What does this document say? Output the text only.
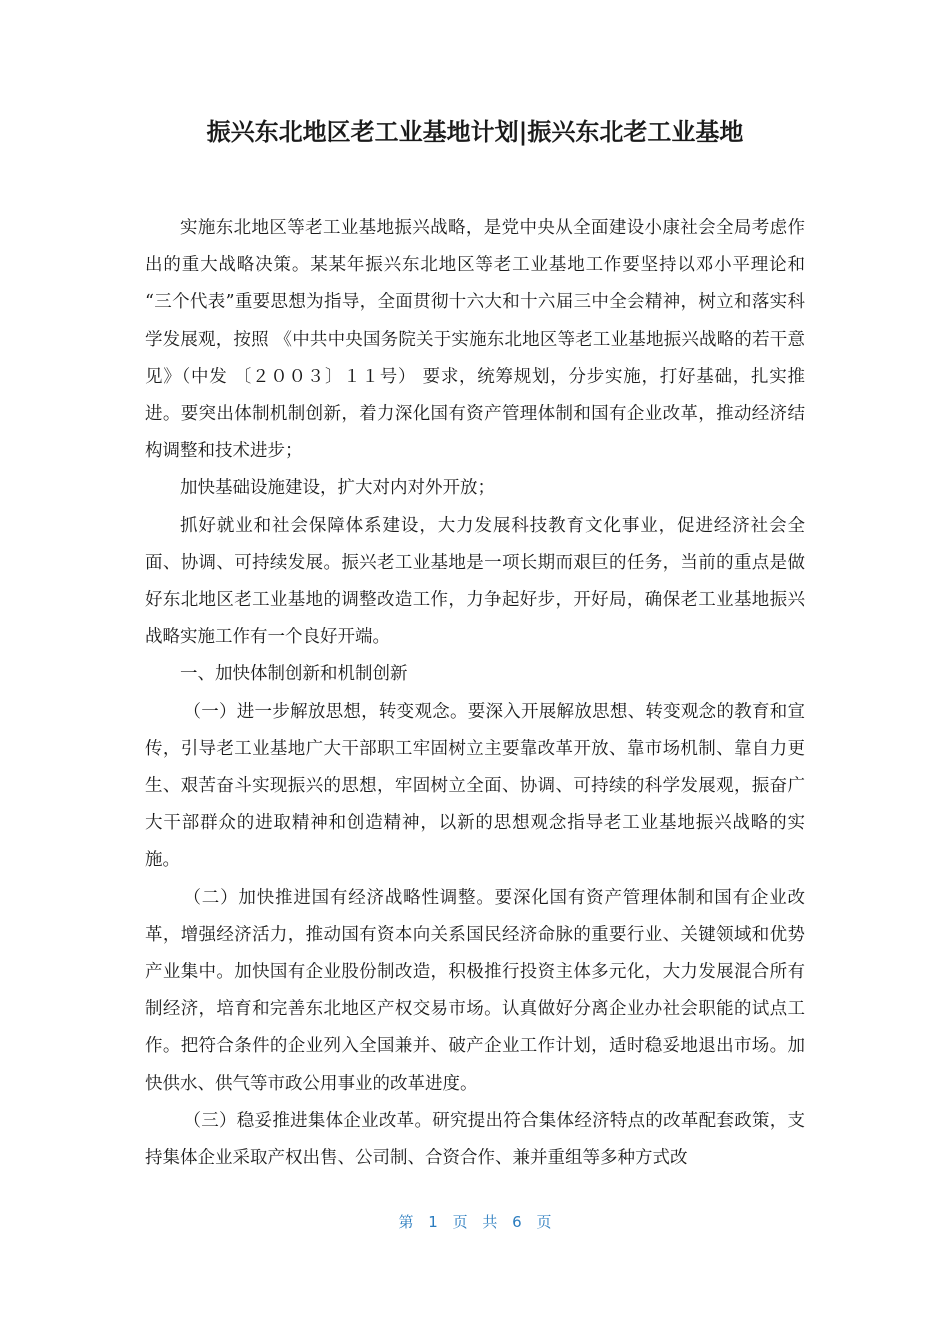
振兴东北地区老工业基地计划|振兴东北老工业基地

实施东北地区等老工业基地振兴战略，是党中央从全面建设小康社会全局考虑作出的重大战略决策。某某年振兴东北地区等老工业基地工作要坚持以邓小平理论和 “三个代表”重要思想为指导，全面贯彻十六大和十六届三中全会精神，树立和落实科学发展观，按照 《中共中央国务院关于实施东北地区等老工业基地振兴战略的若干意见》（中发 〔２００３〕１１号） 要求，统筹规划，分步实施，打好基础，扎实推进。要突出体制机制创新，着力深化国有资产管理体制和国有企业改革，推动经济结构调整和技术进步；

加快基础设施建设，扩大对内对外开放；

抓好就业和社会保障体系建设，大力发展科技教育文化事业，促进经济社会全面、协调、可持续发展。振兴老工业基地是一项长期而艰巨的任务，当前的重点是做好东北地区老工业基地的调整改造工作，力争起好步，开好局，确保老工业基地振兴战略实施工作有一个良好开端。

一、加快体制创新和机制创新

（一）进一步解放思想，转变观念。要深入开展解放思想、转变观念的教育和宣传，引导老工业基地广大干部职工牢固树立主要靠改革开放、靠市场机制、靠自力更生、艰苦奋斗实现振兴的思想，牢固树立全面、协调、可持续的科学发展观，振奋广大干部群众的进取精神和创造精神，以新的思想观念指导老工业基地振兴战略的实施。

（二）加快推进国有经济战略性调整。要深化国有资产管理体制和国有企业改革，增强经济活力，推动国有资本向关系国民经济命脉的重要行业、关键领域和优势产业集中。加快国有企业股份制改造，积极推行投资主体多元化，大力发展混合所有制经济，培育和完善东北地区产权交易市场。认真做好分离企业办社会职能的试点工作。把符合条件的企业列入全国兼并、破产企业工作计划，适时稳妥地退出市场。加快供水、供气等市政公用事业的改革进度。

（三）稳妥推进集体企业改革。研究提出符合集体经济特点的改革配套政策，支持集体企业采取产权出售、公司制、合资合作、兼并重组等多种方式改

第 1 页 共 6 页
